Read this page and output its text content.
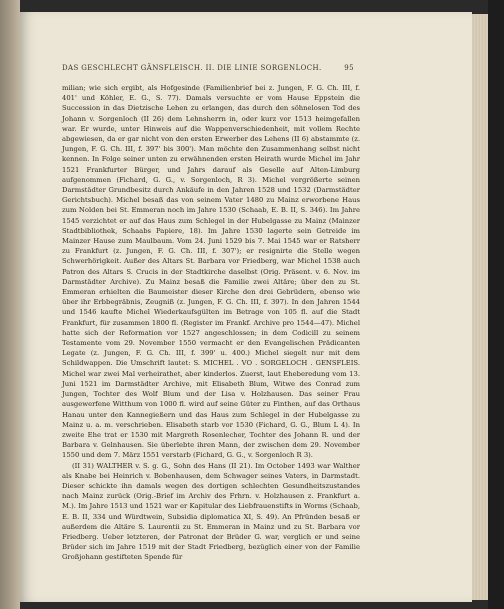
DAS GESCHLECHT GÄNSFLEISCH. II. DIE LINIE SORGENLOCH.	95

milian; wie sich ergibt, als Hofgesinde (Familienbrief bei z. Jungen, F. G. Ch. III, f. 401' und Köhler, E. G., S. 77). Damals versuchte er vom Hause Eppstein die Succession in das Dietzische Lehen zu erlangen, das durch den söhnelosen Tod des Johann v. Sorgenloch (II 26) dem Lehnsherrn in, oder kurz vor 1513 heimgefallen war. Er wurde, unter Hinweis auf die Wappenverschiedenheit, mit vollem Rechte abgewiesen, da er gar nicht von den ersten Erwerber des Lehens (II 6) abstammte (z. Jungen, F. G. Ch. III, f. 397' bis 300'). Man möchte den Zusammenhang selbst nicht kennen. In Folge seiner unten zu erwähnenden ersten Heirath wurde Michel im Jahr 1521 Frankfurter Bürger, und Jahrs darauf als Geselle auf Alten-Limburg aufgenommen (Fichard, G. G., v. Sorgenloch, R 3). Michel vergrößerte seinen Darmstädter Grundbesitz durch Ankäufe in den Jahren 1528 und 1532 (Darmstädter Gerichtsbuch). Michel besaß das von seinem Vater 1480 zu Mainz erworbene Haus zum Nolden bei St. Emmeran noch im Jahre 1530 (Schaab, E. B. II, S. 346). Im Jahre 1545 verzichtet er auf das Haus zum Schlegel in der Hubelgasse zu Mainz (Mainzer Stadtbibliothek, Schaabs Papiere, 18). Im Jahre 1530 lagerte sein Getreide im Mainzer Hause zum Maulbaum. Vom 24. Juni 1529 bis 7. Mai 1545 war er Ratsherr zu Frankfurt (z. Jungen, F. G. Ch. III, f. 307'); er resignirte die Stelle wegen Schwerhörigkeit. Außer des Altars St. Barbara vor Friedberg, war Michel 1538 auch Patron des Altars S. Crucis in der Stadtkirche daselbst (Orig. Präsent. v. 6. Nov. im Darmstädter Archive). Zu Mainz besaß die Familie zwei Altäre; über den zu St. Emmeran erhielten die Baumeister dieser Kirche den drei Gebrüdern, ebenso wie über ihr Erbbegräbnis, Zeugniß (z. Jungen, F. G. Ch. III, f. 397). In den Jahren 1544 und 1546 kaufte Michel Wiederkaufsgülten im Betrage von 105 fl. auf die Stadt Frankfurt, für zusammen 1800 fl. (Register im Frankf. Archive pro 1544—47). Michel hatte sich der Reformation vor 1527 angeschlossen; in dem Codicill zu seinem Testamente vom 29. November 1550 vermacht er den Evangelischen Prädicanten Legate (z. Jungen, F. G. Ch. III, f. 399' u. 400.) Michel siegelt nur mit dem Schildwappen. Die Umschrift lautet: S. MICHEL . VO . SORGELOCH . GENSFLEIS. Michel war zwei Mal verheirathet, aber kinderlos. Zuerst, laut Eheberedung vom 13. Juni 1521 im Darmstädter Archive, mit Elisabeth Blum, Witwe des Conrad zum Jungen, Tochter des Wolf Blum und der Lisa v. Holzhausen. Das seiner Frau ausgewerfene Witthum von 1000 fl. wird auf seine Güter zu Finthen, auf das Orthaus Hanau unter den Kannegießern und das Haus zum Schlegel in der Hubelgasse zu Mainz u. a. m. verschrieben. Elisabeth starb vor 1530 (Fichard, G. G., Blum L 4). In zweite Ehe trat er 1530 mit Margreth Rosenlecher, Tochter des Johann R. und der Barbara v. Gelnhausen. Sie überlebte ihren Mann, der zwischen dem 29. November 1550 und dem 7. März 1551 verstarb (Fichard, G. G., v. Sorgenloch R 3).

(II 31) WALTHER v. S. g. G., Sohn des Hans (II 21). Im October 1493 war Walther als Knabe bei Heinrich v. Bobenhausen, dem Schwager seines Vaters, in Darmstadt. Dieser schickte ihn damals wegen des dortigen schlechten Gesundheitszustandes nach Mainz zurück (Orig.-Brief im Archiv des Frhrn. v. Holzhausen z. Frankfurt a. M.). Im Jahre 1513 und 1521 war er Kapitular des Liebfrauenstifts in Worms (Schaab, E. B. II, 334 und Würdtwein, Subsidia diplomatica XI, S. 49). An Pfründen besaß er außerdem die Altäre S. Laurentii zu St. Emmeran in Mainz und zu St. Barbara vor Friedberg. Ueber letzteren, der Patronat der Brüder G. war, verglich er und seine Brüder sich im Jahre 1519 mit der Stadt Friedberg, bezüglich einer von der Familie Großjohann gestifteten Spende für
